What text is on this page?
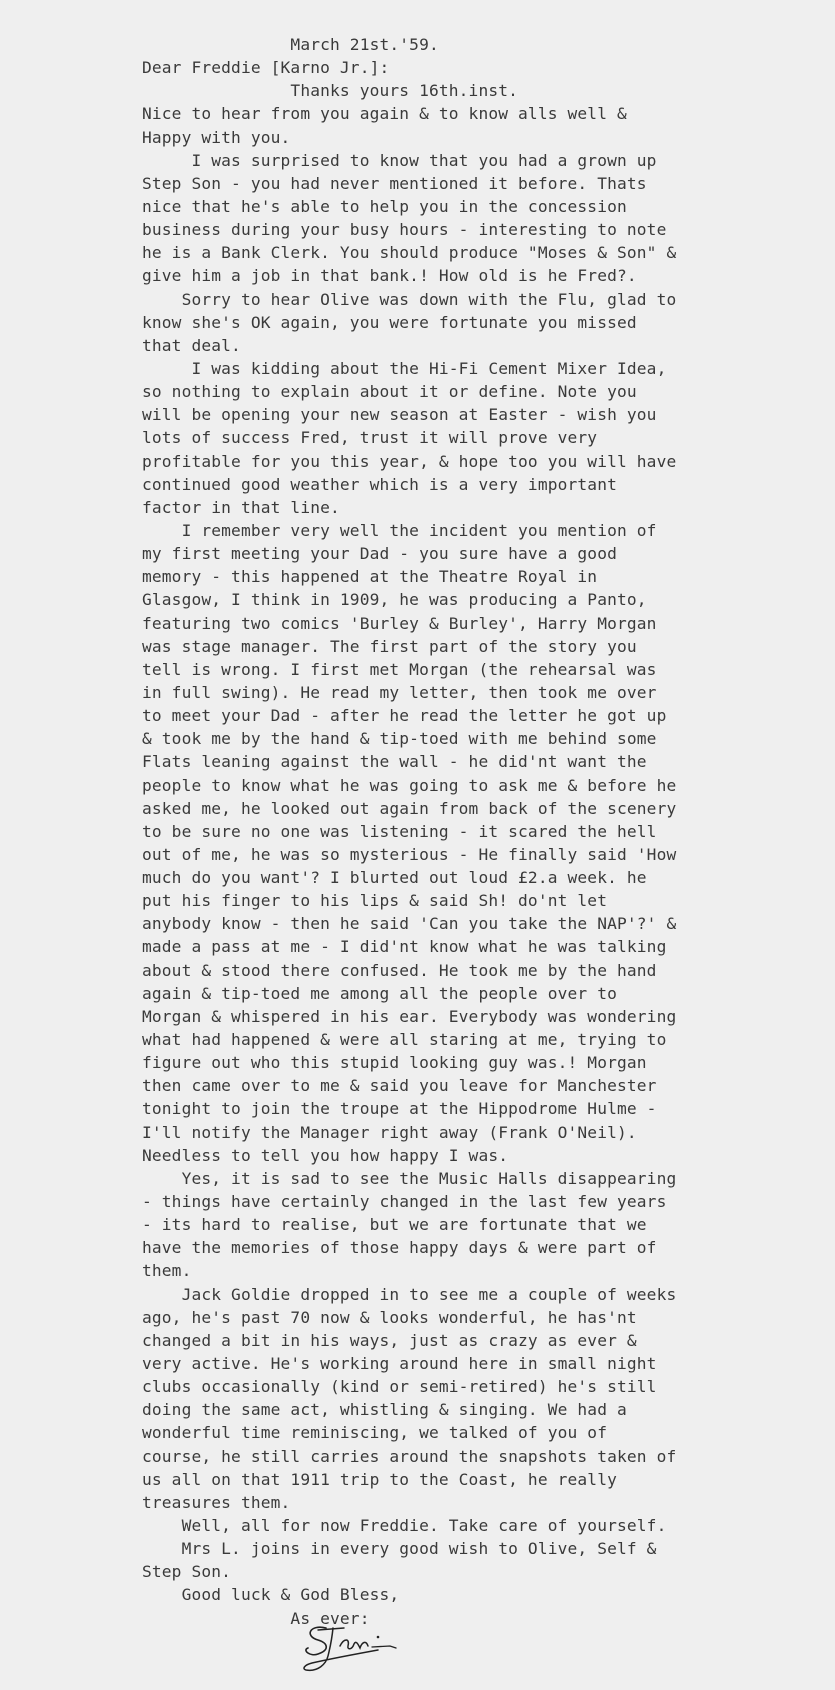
March 21st.'59.
Dear Freddie [Karno Jr.]:
Thanks yours 16th.inst.
Nice to hear from you again & to know alls well &
Happy with you.
I was surprised to know that you had a grown up
Step Son - you had never mentioned it before. Thats
nice that he's able to help you in the concession
business during your busy hours - interesting to note
he is a Bank Clerk. You should produce "Moses & Son" &
give him a job in that bank.! How old is he Fred?.
Sorry to hear Olive was down with the Flu, glad to
know she's OK again, you were fortunate you missed
that deal.
I was kidding about the Hi-Fi Cement Mixer Idea,
so nothing to explain about it or define. Note you
will be opening your new season at Easter - wish you
lots of success Fred, trust it will prove very
profitable for you this year, & hope too you will have
continued good weather which is a very important
factor in that line.
I remember very well the incident you mention of
my first meeting your Dad - you sure have a good
memory - this happened at the Theatre Royal in
Glasgow, I think in 1909, he was producing a Panto,
featuring two comics 'Burley & Burley', Harry Morgan
was stage manager. The first part of the story you
tell is wrong. I first met Morgan (the rehearsal was
in full swing). He read my letter, then took me over
to meet your Dad - after he read the letter he got up
& took me by the hand & tip-toed with me behind some
Flats leaning against the wall - he did'nt want the
people to know what he was going to ask me & before he
asked me, he looked out again from back of the scenery
to be sure no one was listening - it scared the hell
out of me, he was so mysterious - He finally said 'How
much do you want'? I blurted out loud £2.a week. he
put his finger to his lips & said Sh! do'nt let
anybody know - then he said 'Can you take the NAP'?' &
made a pass at me - I did'nt know what he was talking
about & stood there confused. He took me by the hand
again & tip-toed me among all the people over to
Morgan & whispered in his ear. Everybody was wondering
what had happened & were all staring at me, trying to
figure out who this stupid looking guy was.! Morgan
then came over to me & said you leave for Manchester
tonight to join the troupe at the Hippodrome Hulme -
I'll notify the Manager right away (Frank O'Neil).
Needless to tell you how happy I was.
Yes, it is sad to see the Music Halls disappearing
- things have certainly changed in the last few years
- its hard to realise, but we are fortunate that we
have the memories of those happy days & were part of
them.
Jack Goldie dropped in to see me a couple of weeks
ago, he's past 70 now & looks wonderful, he has'nt
changed a bit in his ways, just as crazy as ever &
very active. He's working around here in small night
clubs occasionally (kind or semi-retired) he's still
doing the same act, whistling & singing. We had a
wonderful time reminiscing, we talked of you of
course, he still carries around the snapshots taken of
us all on that 1911 trip to the Coast, he really
treasures them.
Well, all for now Freddie. Take care of yourself.
Mrs L. joins in every good wish to Olive, Self &
Step Son.
Good luck & God Bless,
As ever:
